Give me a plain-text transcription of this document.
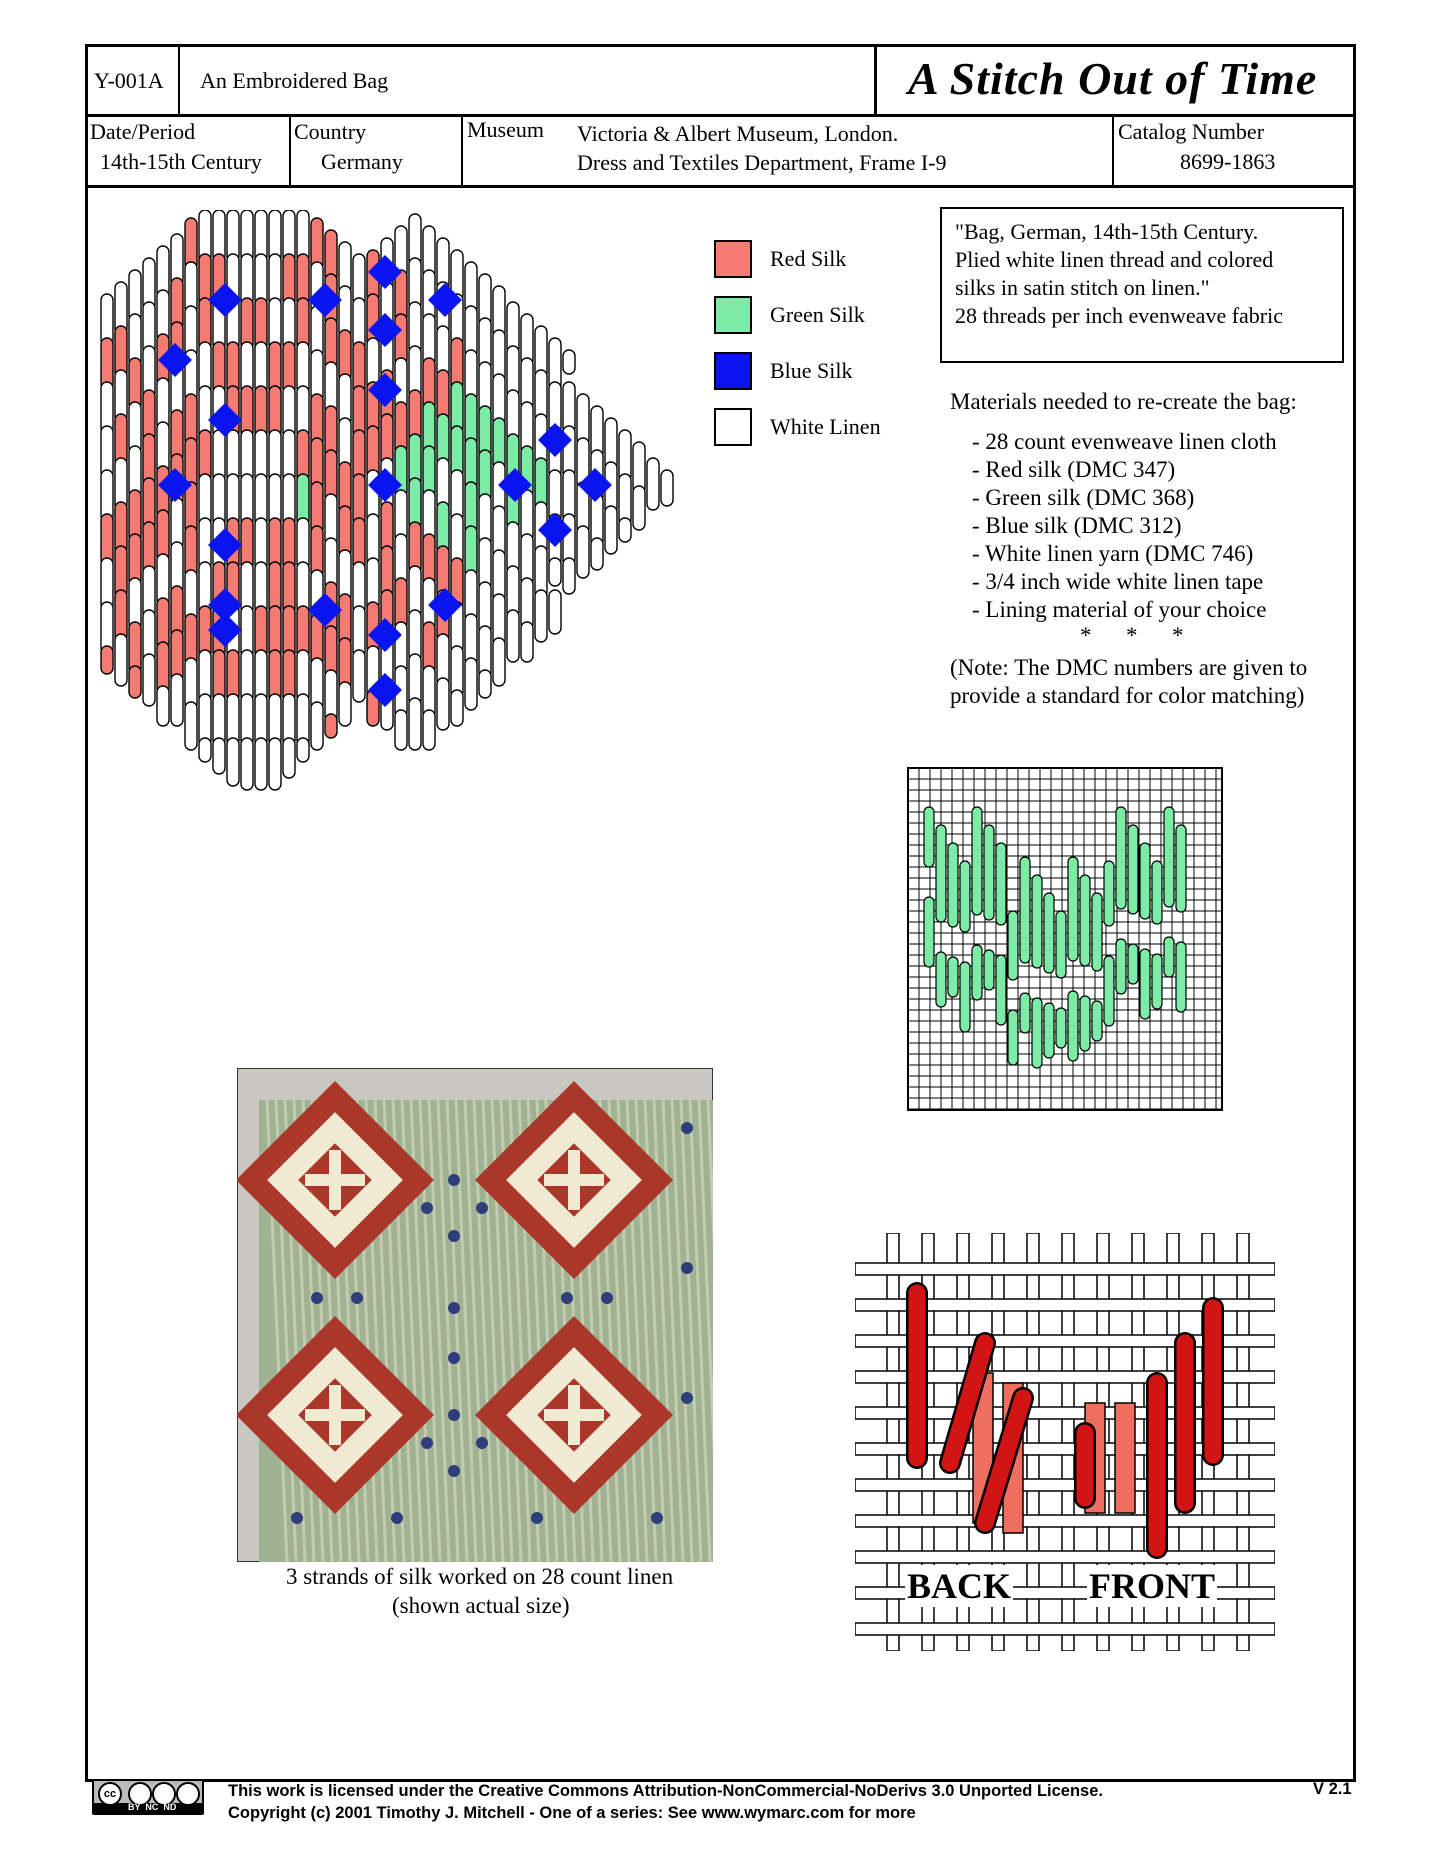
Y-001A An Embroidered Bag	A Stitch Out of Time
Date/Period
14th-15th Century
Country
Germany
Museum Victoria & Albert Museum, London.
Dress and Textiles Department, Frame I-9
Catalog Number
8699-1863
Red Silk
Green Silk
Blue Silk
White Linen
"Bag, German, 14th-15th Century.
Plied white linen thread and colored
silks in satin stitch on linen."
28 threads per inch evenweave fabric
Materials needed to re-create the bag:
- 28 count evenweave linen cloth
- Red silk (DMC 347)
- Green silk (DMC 368)
- Blue silk (DMC 312)
- White linen yarn (DMC 746)
- 3/4 inch wide white linen tape
- Lining material of your choice
*      *      *
(Note: The DMC numbers are given to
provide a standard for color matching)
3 strands of silk worked on 28 count linen
(shown actual size)	BACK FRONT
cc
BY  NC  ND
This work is licensed under the Creative Commons Attribution-NonCommercial-NoDerivs 3.0 Unported License.
Copyright (c) 2001 Timothy J. Mitchell - One of a series: See www.wymarc.com for more
V 2.1
